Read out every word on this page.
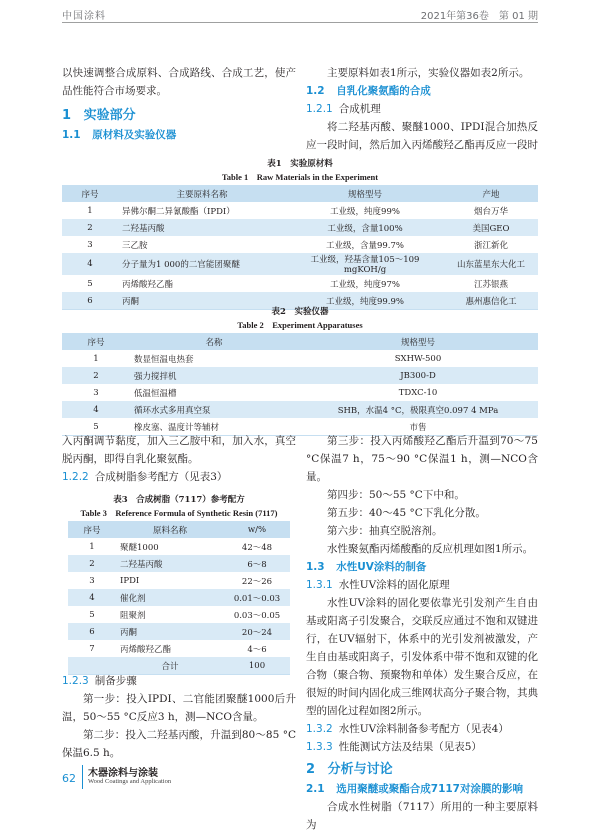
中国涂料	2021年第36卷　第 01 期

以快速调整合成原料、合成路线、合成工艺，使产品性能符合市场要求。

1 实验部分
1.1 原材料及实验仪器

主要原料如表1所示，实验仪器如表2所示。

1.2 自乳化聚氨酯的合成
1.2.1 合成机理

将二羟基丙酸、聚醚1000、IPDI混合加热反应一段时间，然后加入丙烯酸羟乙酯再反应一段时

表1　实验原材料
Table 1　Raw Materials in the Experiment
序号	主要原料名称	规格型号	产地
1	异佛尔酮二异氰酸酯（IPDI）	工业级，纯度99%	烟台万华
2	二羟基丙酸	工业级，含量100%	美国GEO
3	三乙胺	工业级，含量99.7%	浙江新化
4	分子量为1 000的二官能团聚醚	工业级，羟基含量105～109 mgKOH/g	山东蓝星东大化工
5	丙烯酸羟乙酯	工业级，纯度97%	江苏银燕
6	丙酮	工业级，纯度99.9%	惠州惠信化工
表2　实验仪器
Table 2　Experiment Apparatuses
序号	名称	规格型号
1	数显恒温电热套	SXHW-500
2	强力搅拌机	JB300-D
3	低温恒温槽	TDXC-10
4	循环水式多用真空泵	SHB，水温4 °C，极限真空0.097 4 MPa
5	橡皮塞、温度计等辅材	市售

入丙酮调节黏度，加入三乙胺中和，加入水，真空脱丙酮，即得自乳化聚氨酯。

1.2.2 合成树脂参考配方（见表3）
表3　合成树脂（7117）参考配方
Table 3　Reference Formula of Synthetic Resin (7117)
序号	原料名称	w/%
1	聚醚1000	42～48
2	二羟基丙酸	6～8
3	IPDI	22～26
4	催化剂	0.01～0.03
5	阻聚剂	0.03～0.05
6	丙酮	20～24
7	丙烯酸羟乙酯	4～6
	合计	100
1.2.3 制备步骤

第一步：投入IPDI、二官能团聚醚1000后升温，50～55 °C反应3 h，测—NCO含量。

第二步：投入二羟基丙酸，升温到80～85 °C保温6.5 h。

第三步：投入丙烯酸羟乙酯后升温到70～75 °C保温7 h，75～90 °C保温1 h，测—NCO含量。

第四步：50～55 °C下中和。

第五步：40～45 °C下乳化分散。

第六步：抽真空脱溶剂。

水性聚氨酯丙烯酸酯的反应机理如图1所示。

1.3 水性UV涂料的制备
1.3.1 水性UV涂料的固化原理

水性UV涂料的固化要依靠光引发剂产生自由基或阳离子引发聚合，交联反应通过不饱和双键进行，在UV辐射下，体系中的光引发剂被激发，产生自由基或阳离子，引发体系中带不饱和双键的化合物（聚合物、预聚物和单体）发生聚合反应，在很短的时间内固化成三维网状高分子聚合物，其典型的固化过程如图2所示。

1.3.2 水性UV涂料制备参考配方（见表4）
1.3.3 性能测试方法及结果（见表5）
2 分析与讨论
2.1 选用聚醚或聚酯合成7117对涂膜的影响

合成水性树脂（7117）所用的一种主要原料为

62 木器涂料与涂装
Wood Coatings and Application
